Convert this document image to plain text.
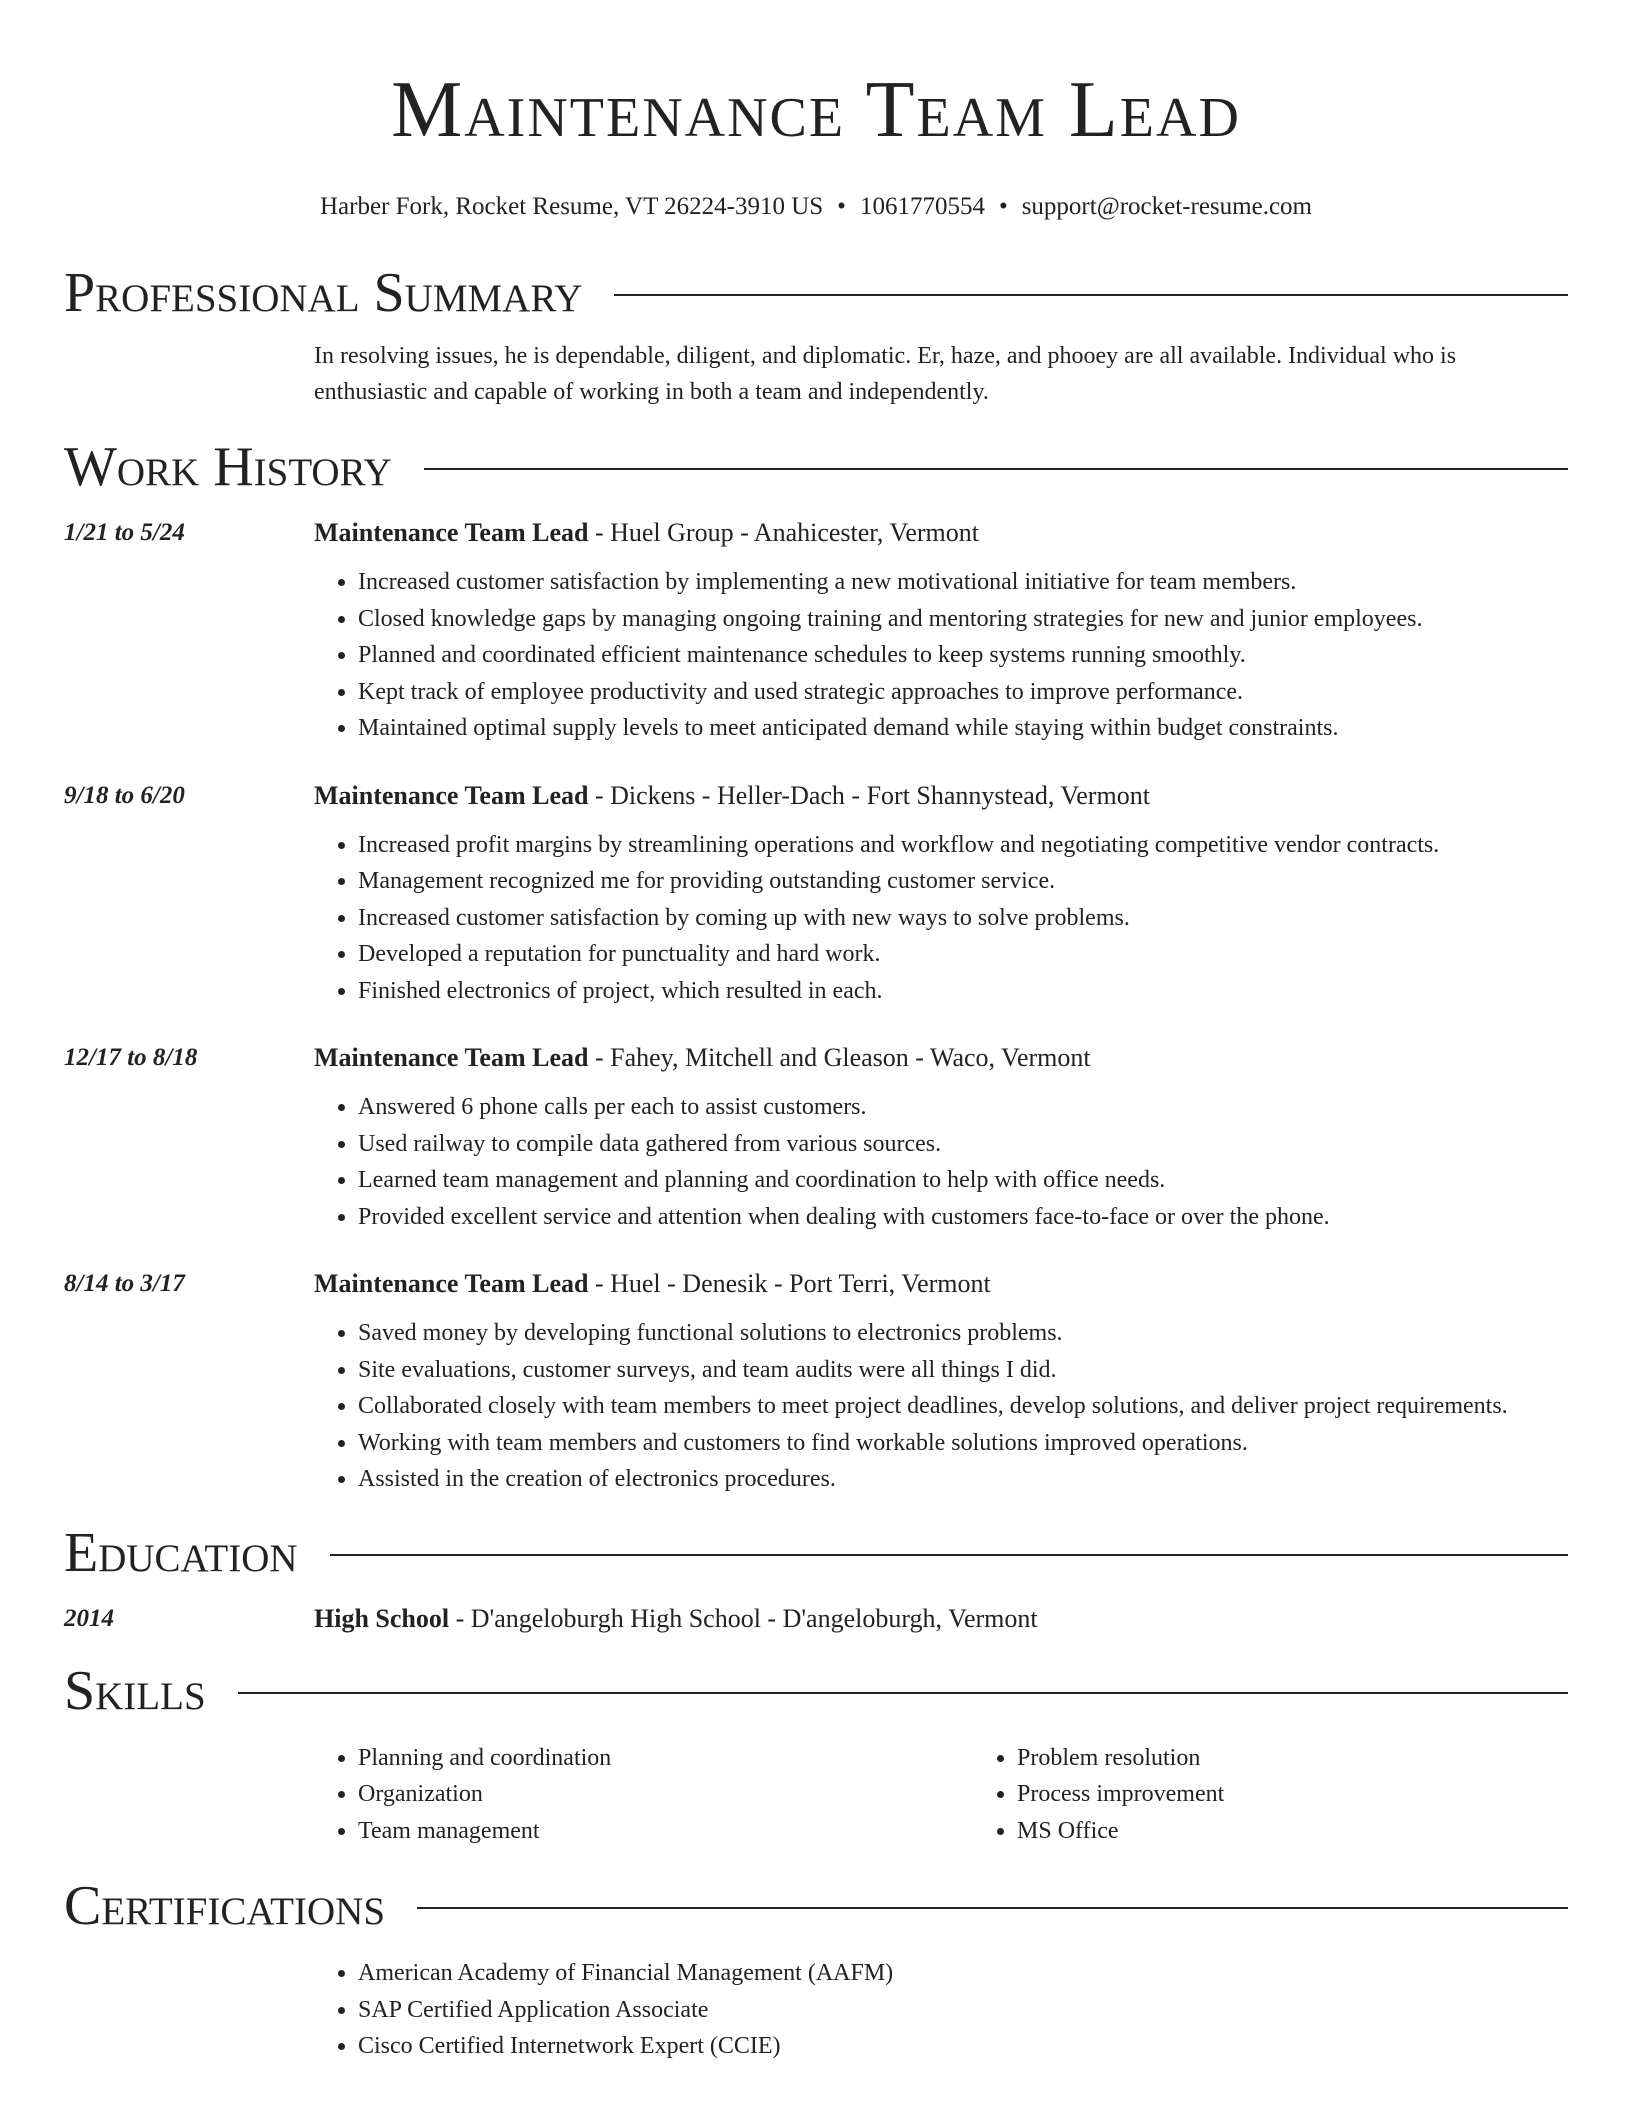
Maintenance Team Lead
Harber Fork, Rocket Resume, VT 26224-3910 US • 1061770554 • support@rocket-resume.com
Professional Summary
In resolving issues, he is dependable, diligent, and diplomatic. Er, haze, and phooey are all available. Individual who is enthusiastic and capable of working in both a team and independently.
Work History
1/21 to 5/24	Maintenance Team Lead - Huel Group - Anahicester, Vermont
• Increased customer satisfaction by implementing a new motivational initiative for team members.
• Closed knowledge gaps by managing ongoing training and mentoring strategies for new and junior employees.
• Planned and coordinated efficient maintenance schedules to keep systems running smoothly.
• Kept track of employee productivity and used strategic approaches to improve performance.
• Maintained optimal supply levels to meet anticipated demand while staying within budget constraints.
9/18 to 6/20	Maintenance Team Lead - Dickens - Heller-Dach - Fort Shannystead, Vermont
• Increased profit margins by streamlining operations and workflow and negotiating competitive vendor contracts.
• Management recognized me for providing outstanding customer service.
• Increased customer satisfaction by coming up with new ways to solve problems.
• Developed a reputation for punctuality and hard work.
• Finished electronics of project, which resulted in each.
12/17 to 8/18	Maintenance Team Lead - Fahey, Mitchell and Gleason - Waco, Vermont
• Answered 6 phone calls per each to assist customers.
• Used railway to compile data gathered from various sources.
• Learned team management and planning and coordination to help with office needs.
• Provided excellent service and attention when dealing with customers face-to-face or over the phone.
8/14 to 3/17	Maintenance Team Lead - Huel - Denesik - Port Terri, Vermont
• Saved money by developing functional solutions to electronics problems.
• Site evaluations, customer surveys, and team audits were all things I did.
• Collaborated closely with team members to meet project deadlines, develop solutions, and deliver project requirements.
• Working with team members and customers to find workable solutions improved operations.
• Assisted in the creation of electronics procedures.
Education
2014	High School - D'angeloburgh High School - D'angeloburgh, Vermont
Skills
• Planning and coordination
• Organization
• Team management
• Problem resolution
• Process improvement
• MS Office
Certifications
• American Academy of Financial Management (AAFM)
• SAP Certified Application Associate
• Cisco Certified Internetwork Expert (CCIE)
